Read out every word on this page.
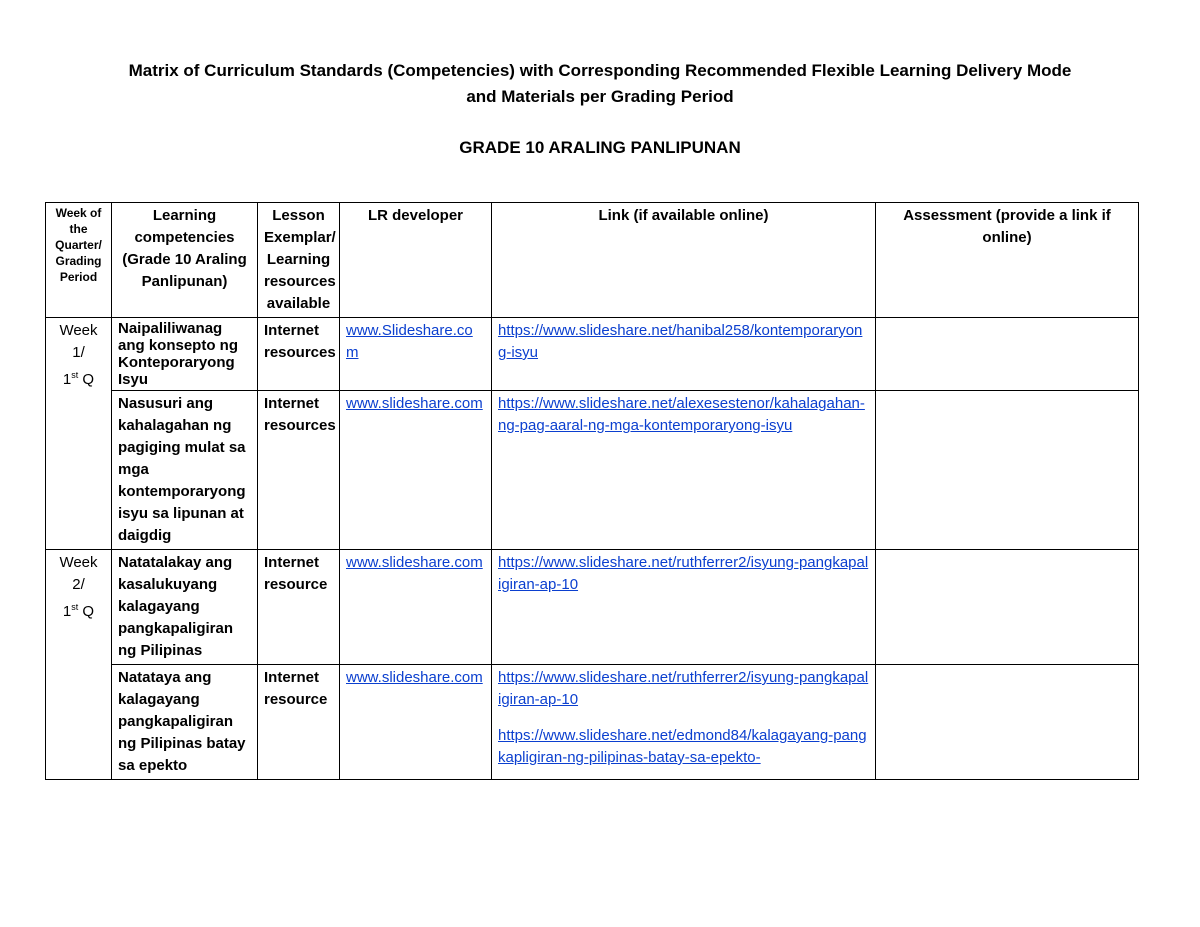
Matrix of Curriculum Standards (Competencies) with Corresponding Recommended Flexible Learning Delivery Mode
and Materials per Grading Period
GRADE 10 ARALING PANLIPUNAN
Week of the Quarter/ Grading Period	Learning competencies (Grade 10 Araling Panlipunan)	Lesson Exemplar/ Learning resources available	LR developer	Link (if available online)	Assessment (provide a link if online)
Week 1/
1st Q	Naipaliliwanag ang konsepto ng Konteporaryong Isyu	Internet resources	www.Slideshare.com	https://www.slideshare.net/hanibal258/kontemporaryong-isyu	
	Nasusuri ang kahalagahan ng pagiging mulat sa mga kontemporaryong isyu sa lipunan at daigdig	Internet resources	www.slideshare.com	https://www.slideshare.net/alexesestenor/kahalagahan-ng-pag-aaral-ng-mga-kontemporaryong-isyu	
Week 2/
1st Q	Natatalakay ang kasalukuyang kalagayang pangkapaligiran ng Pilipinas	Internet resource	www.slideshare.com	https://www.slideshare.net/ruthferrer2/isyung-pangkapaligiran-ap-10	
	Natataya ang kalagayang pangkapaligiran ng Pilipinas batay sa epekto	Internet resource	www.slideshare.com	https://www.slideshare.net/ruthferrer2/isyung-pangkapaligiran-ap-10
https://www.slideshare.net/edmond84/kalagayang-pangkapligiran-ng-pilipinas-batay-sa-epekto-	
